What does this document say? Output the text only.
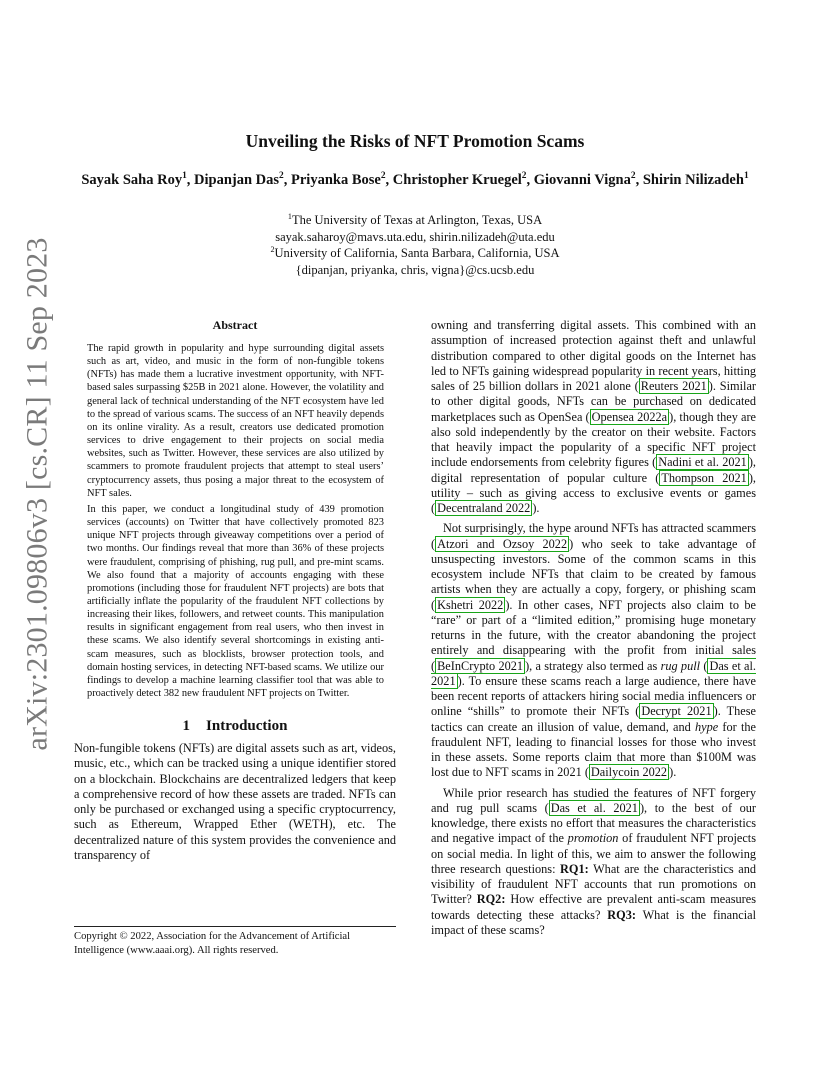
arXiv:2301.09806v3 [cs.CR] 11 Sep 2023
Unveiling the Risks of NFT Promotion Scams
Sayak Saha Roy$^1$, Dipanjan Das$^2$, Priyanka Bose$^2$, Christopher Kruegel$^2$, Giovanni Vigna$^2$, Shirin Nilizadeh$^1$
$^1$The University of Texas at Arlington, Texas, USA
sayak.saharoy@mavs.uta.edu, shirin.nilizadeh@uta.edu
$^2$University of California, Santa Barbara, California, USA
{dipanjan, priyanka, chris, vigna}@cs.ucsb.edu
Abstract

The rapid growth in popularity and hype surrounding digital assets such as art, video, and music in the form of non-fungible tokens (NFTs) has made them a lucrative investment opportunity, with NFT-based sales surpassing $25B in 2021 alone. However, the volatility and general lack of technical understanding of the NFT ecosystem have led to the spread of various scams. The success of an NFT heavily depends on its online virality. As a result, creators use dedicated promotion services to drive engagement to their projects on social media websites, such as Twitter. However, these services are also utilized by scammers to promote fraudulent projects that attempt to steal users’ cryptocurrency assets, thus posing a major threat to the ecosystem of NFT sales.

In this paper, we conduct a longitudinal study of 439 promotion services (accounts) on Twitter that have collectively promoted 823 unique NFT projects through giveaway competitions over a period of two months. Our findings reveal that more than 36% of these projects were fraudulent, comprising of phishing, rug pull, and pre-mint scams. We also found that a majority of accounts engaging with these promotions (including those for fraudulent NFT projects) are bots that artificially inflate the popularity of the fraudulent NFT collections by increasing their likes, followers, and retweet counts. This manipulation results in significant engagement from real users, who then invest in these scams. We also identify several shortcomings in existing anti-scam measures, such as blocklists, browser protection tools, and domain hosting services, in detecting NFT-based scams. We utilize our findings to develop a machine learning classifier tool that was able to proactively detect 382 new fraudulent NFT projects on Twitter.

1 Introduction

Non-fungible tokens (NFTs) are digital assets such as art, videos, music, etc., which can be tracked using a unique identifier stored on a blockchain. Blockchains are decentralized ledgers that keep a comprehensive record of how these assets are traded. NFTs can only be purchased or exchanged using a specific cryptocurrency, such as Ethereum, Wrapped Ether (WETH), etc. The decentralized nature of this system provides the convenience and transparency of

Copyright © 2022, Association for the Advancement of Artificial Intelligence (www.aaai.org). All rights reserved.

owning and transferring digital assets. This combined with an assumption of increased protection against theft and unlawful distribution compared to other digital goods on the Internet has led to NFTs gaining widespread popularity in recent years, hitting sales of 25 billion dollars in 2021 alone ( Reuters 2021 ). Similar to other digital goods, NFTs can be purchased on dedicated marketplaces such as OpenSea ( Opensea 2022a ), though they are also sold independently by the creator on their website. Factors that heavily impact the popularity of a specific NFT project include endorsements from celebrity figures ( Nadini et al. 2021 ), digital representation of popular culture ( Thompson 2021 ), utility – such as giving access to exclusive events or games ( Decentraland 2022 ).

Not surprisingly, the hype around NFTs has attracted scammers ( Atzori and Ozsoy 2022 ) who seek to take advantage of unsuspecting investors. Some of the common scams in this ecosystem include NFTs that claim to be created by famous artists when they are actually a copy, forgery, or phishing scam ( Kshetri 2022 ). In other cases, NFT projects also claim to be “rare” or part of a “limited edition,” promising huge monetary returns in the future, with the creator abandoning the project entirely and disappearing with the profit from initial sales ( BeInCrypto 2021 ), a strategy also termed as rug pull ( Das et al. 2021 ). To ensure these scams reach a large audience, there have been recent reports of attackers hiring social media influencers or online “shills” to promote their NFTs ( Decrypt 2021 ). These tactics can create an illusion of value, demand, and hype for the fraudulent NFT, leading to financial losses for those who invest in these assets. Some reports claim that more than $100M was lost due to NFT scams in 2021 ( Dailycoin 2022 ).

While prior research has studied the features of NFT forgery and rug pull scams ( Das et al. 2021 ), to the best of our knowledge, there exists no effort that measures the characteristics and negative impact of the promotion of fraudulent NFT projects on social media. In light of this, we aim to answer the following three research questions: RQ1: What are the characteristics and visibility of fraudulent NFT accounts that run promotions on Twitter? RQ2: How effective are prevalent anti-scam measures towards detecting these attacks? RQ3: What is the financial impact of these scams?
